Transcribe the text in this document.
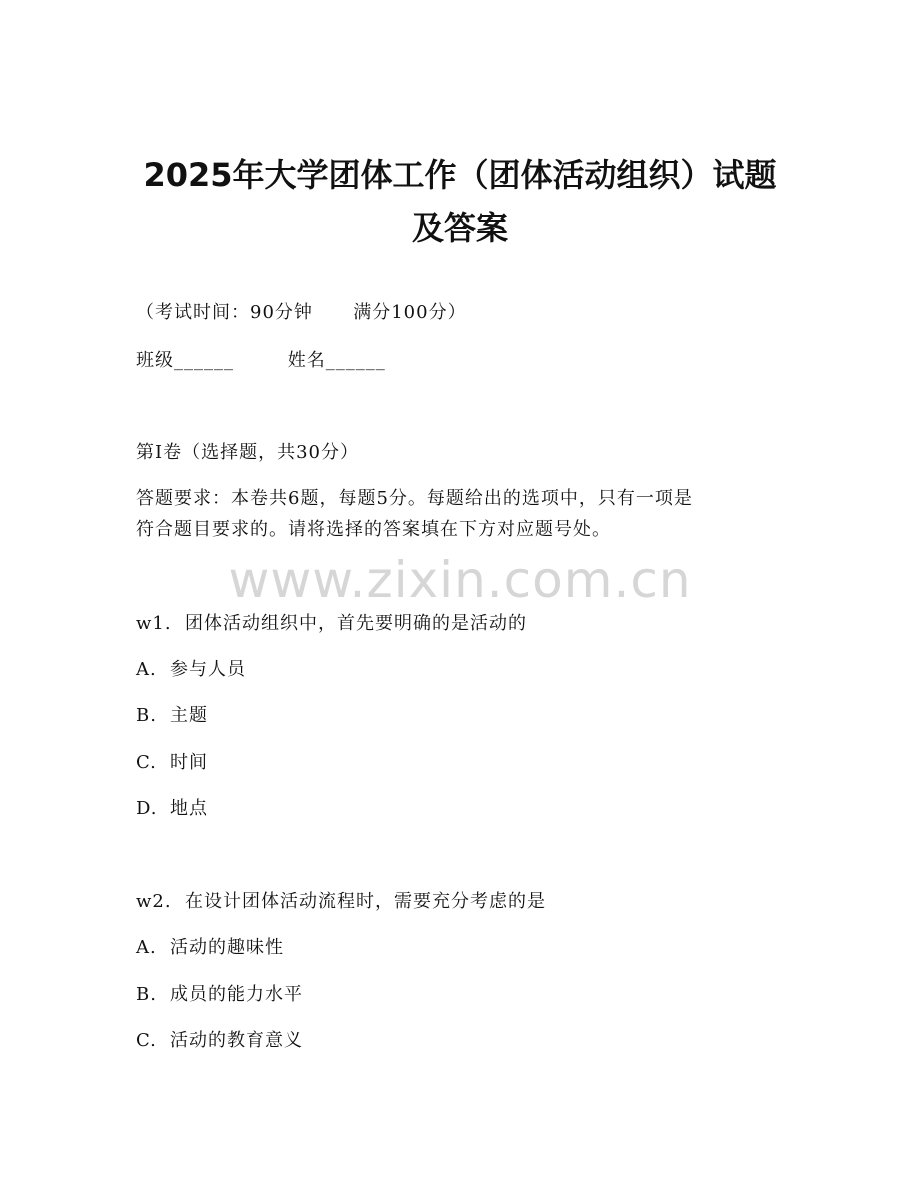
2025年大学团体工作（团体活动组织）试题
及答案

（考试时间：90分钟      满分100分）

班级______        姓名______

第I卷（选择题，共30分）

答题要求：本卷共6题，每题5分。每题给出的选项中，只有一项是

符合题目要求的。请将选择的答案填在下方对应题号处。

www.zixin.com.cn

w1.  团体活动组织中，首先要明确的是活动的

A. 参与人员

B. 主题

C. 时间

D. 地点

w2.  在设计团体活动流程时，需要充分考虑的是

A. 活动的趣味性

B. 成员的能力水平

C. 活动的教育意义
